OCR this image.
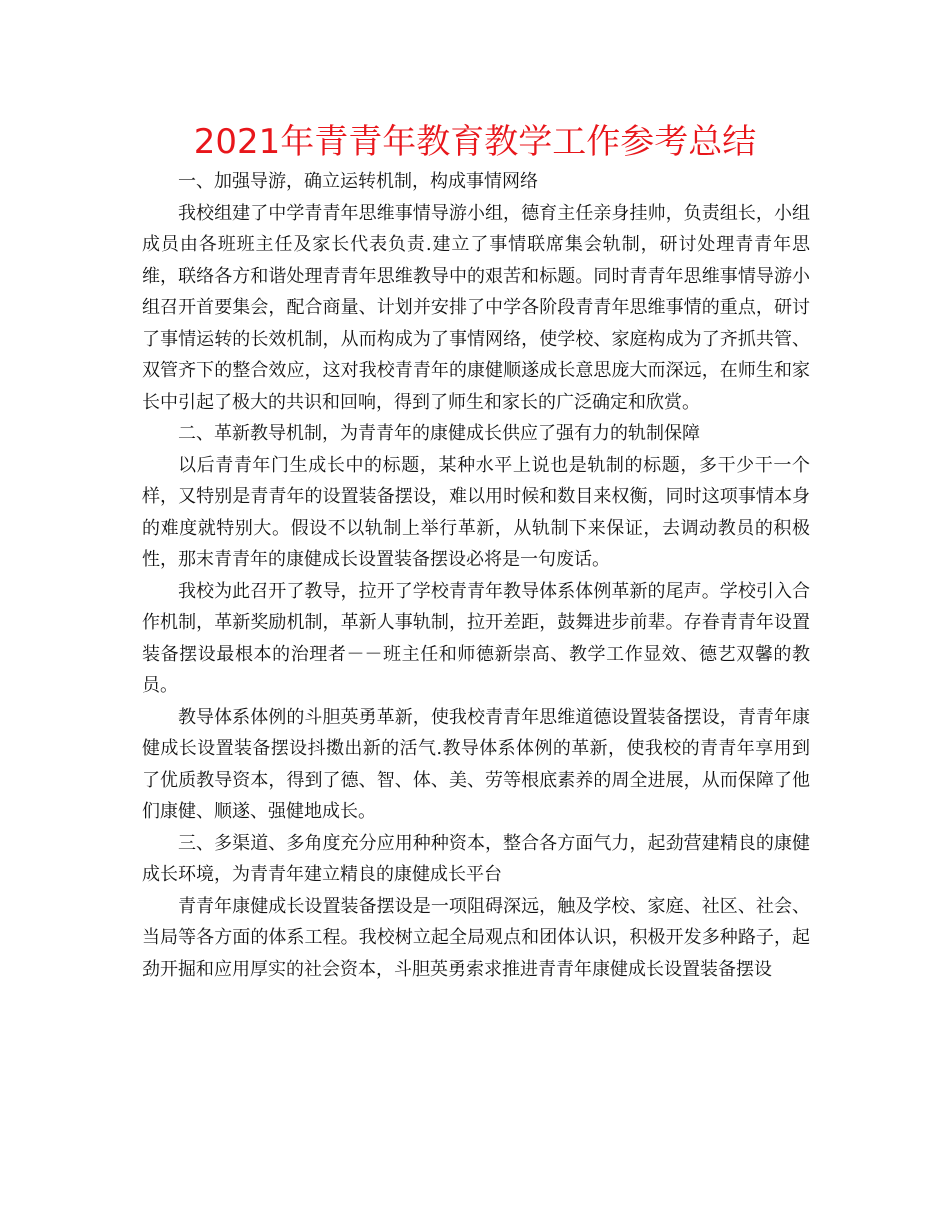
2021年青青年教育教学工作参考总结

一、加强导游，确立运转机制，构成事情网络

我校组建了中学青青年思维事情导游小组，德育主任亲身挂帅，负责组长，小组成员由各班班主任及家长代表负责.建立了事情联席集会轨制，研讨处理青青年思维，联络各方和谐处理青青年思维教导中的艰苦和标题。同时青青年思维事情导游小组召开首要集会，配合商量、计划并安排了中学各阶段青青年思维事情的重点，研讨了事情运转的长效机制，从而构成为了事情网络，使学校、家庭构成为了齐抓共管、双管齐下的整合效应，这对我校青青年的康健顺遂成长意思庞大而深远，在师生和家长中引起了极大的共识和回响，得到了师生和家长的广泛确定和欣赏。

二、革新教导机制，为青青年的康健成长供应了强有力的轨制保障

以后青青年门生成长中的标题，某种水平上说也是轨制的标题，多干少干一个样，又特别是青青年的设置装备摆设，难以用时候和数目来权衡，同时这项事情本身的难度就特别大。假设不以轨制上举行革新，从轨制下来保证，去调动教员的积极性，那末青青年的康健成长设置装备摆设必将是一句废话。

我校为此召开了教导，拉开了学校青青年教导体系体例革新的尾声。学校引入合作机制，革新奖励机制，革新人事轨制，拉开差距，鼓舞进步前辈。存眷青青年设置装备摆设最根本的治理者－－班主任和师德新崇高、教学工作显效、德艺双馨的教员。

教导体系体例的斗胆英勇革新，使我校青青年思维道德设置装备摆设，青青年康健成长设置装备摆设抖擞出新的活气.教导体系体例的革新，使我校的青青年享用到了优质教导资本，得到了德、智、体、美、劳等根底素养的周全进展，从而保障了他们康健、顺遂、强健地成长。

三、多渠道、多角度充分应用种种资本，整合各方面气力，起劲营建精良的康健成长环境，为青青年建立精良的康健成长平台

青青年康健成长设置装备摆设是一项阻碍深远，触及学校、家庭、社区、社会、当局等各方面的体系工程。我校树立起全局观点和团体认识，积极开发多种路子，起劲开掘和应用厚实的社会资本，斗胆英勇索求推进青青年康健成长设置装备摆设
